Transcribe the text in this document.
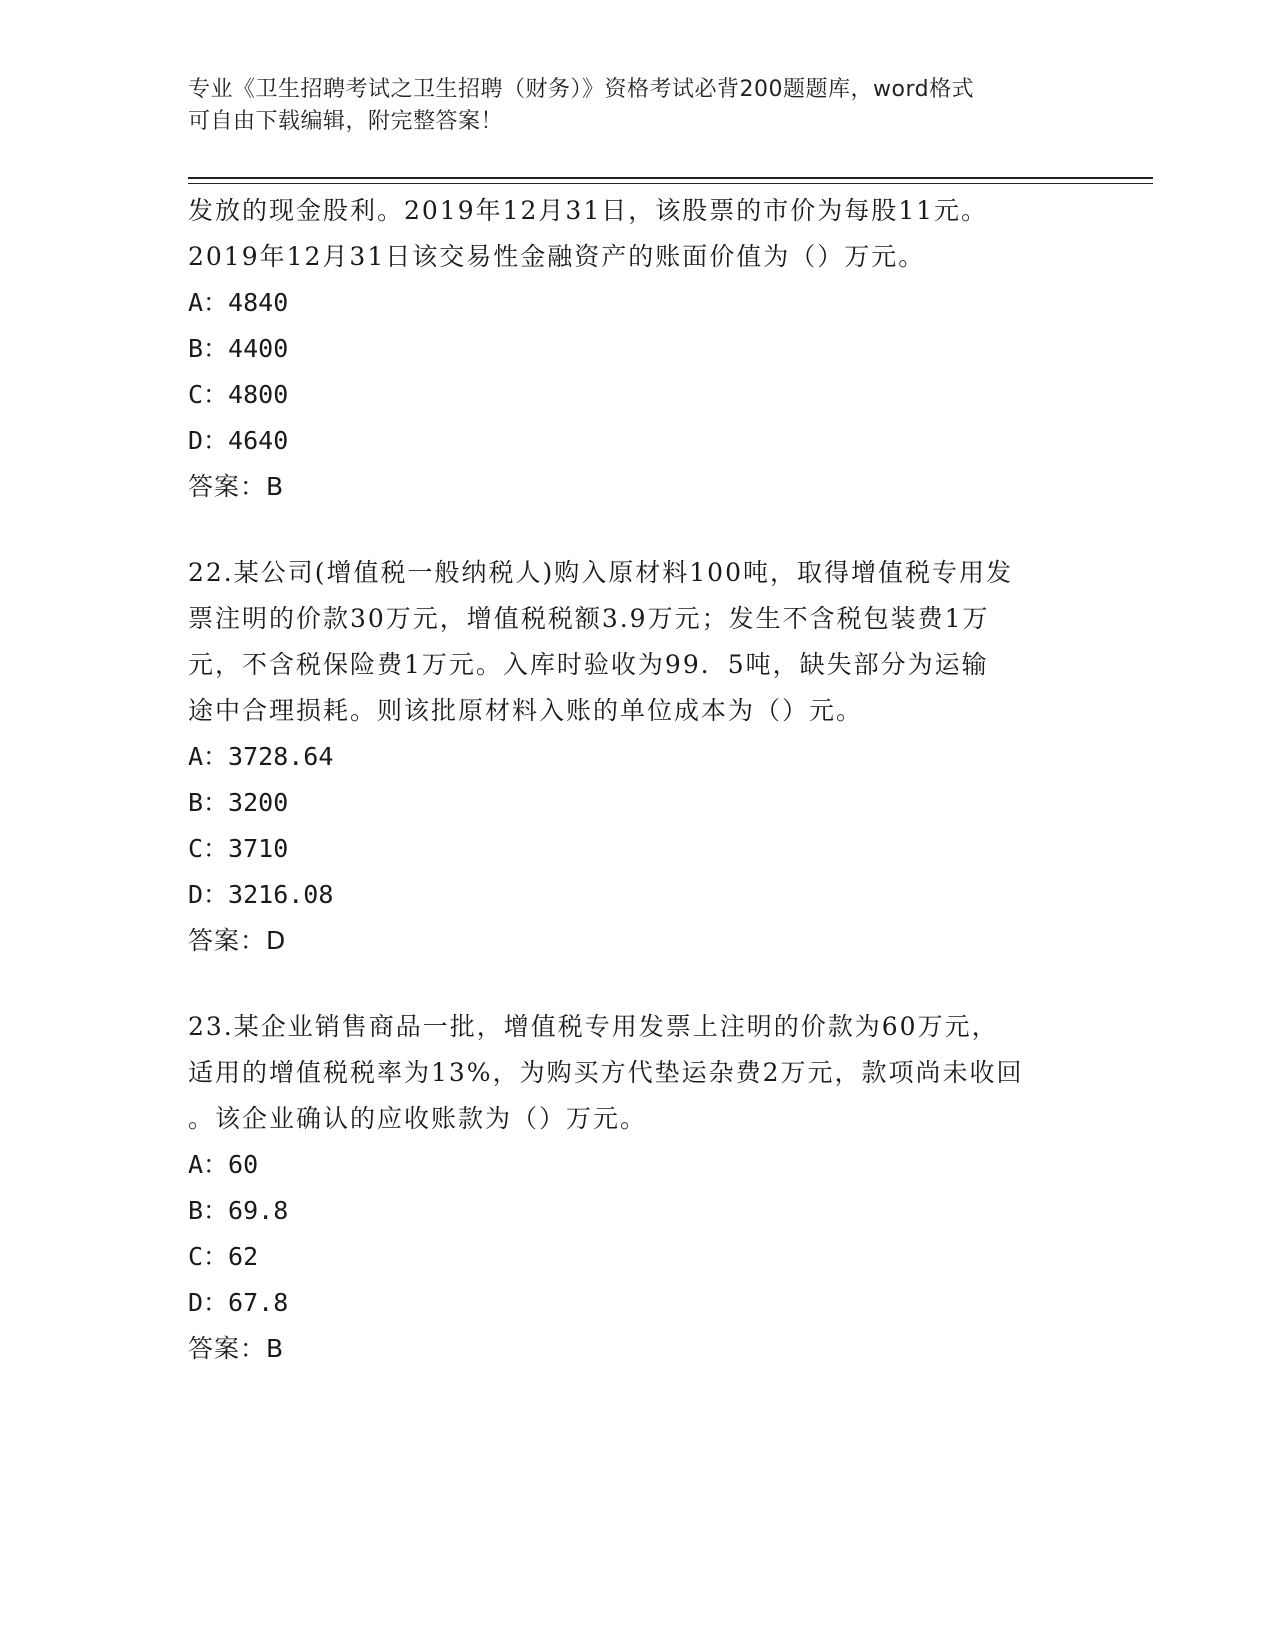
专业《卫生招聘考试之卫生招聘（财务）》资格考试必背200题题库，word格式
可自由下载编辑，附完整答案！
发放的现金股利。2019年12月31日，该股票的市价为每股11元。
2019年12月31日该交易性金融资产的账面价值为（）万元。
A：4840
B：4400
C：4800
D：4640
答案：B
22.某公司(增值税一般纳税人)购入原材料100吨，取得增值税专用发
票注明的价款30万元，增值税税额3.9万元；发生不含税包装费1万
元，不含税保险费1万元。入库时验收为99．5吨，缺失部分为运输
途中合理损耗。则该批原材料入账的单位成本为（）元。
A：3728.64
B：3200
C：3710
D：3216.08
答案：D
23.某企业销售商品一批，增值税专用发票上注明的价款为60万元，
适用的增值税税率为13%，为购买方代垫运杂费2万元，款项尚未收回
。该企业确认的应收账款为（）万元。
A：60
B：69.8
C：62
D：67.8
答案：B
